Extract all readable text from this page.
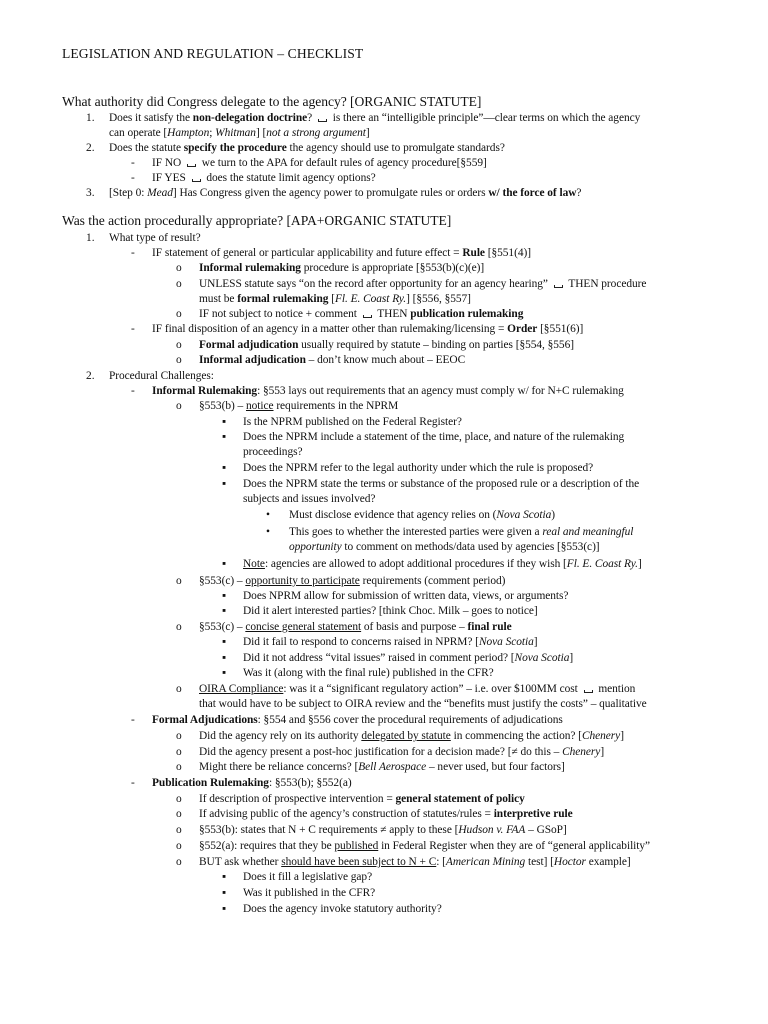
LEGISLATION AND REGULATION – CHECKLIST
What authority did Congress delegate to the agency? [ORGANIC STATUTE]
1. Does it satisfy the non-delegation doctrine?  is there an “intelligible principle”—clear terms on which the agency
can operate [Hampton; Whitman] [not a strong argument]
2. Does the statute specify the procedure the agency should use to promulgate standards?
- IF NO  we turn to the APA for default rules of agency procedure[§559]
- IF YES  does the statute limit agency options?
3. [Step 0: Mead] Has Congress given the agency power to promulgate rules or orders w/ the force of law?
Was the action procedurally appropriate? [APA+ORGANIC STATUTE]
1. What type of result?
- IF statement of general or particular applicability and future effect = Rule [§551(4)]
o Informal rulemaking procedure is appropriate [§553(b)(c)(e)]
o UNLESS statute says “on the record after opportunity for an agency hearing”  THEN procedure
must be formal rulemaking [Fl. E. Coast Ry.] [§556, §557]
o IF not subject to notice + comment  THEN publication rulemaking
- IF final disposition of an agency in a matter other than rulemaking/licensing = Order [§551(6)]
o Formal adjudication usually required by statute – binding on parties [§554, §556]
o Informal adjudication – don’t know much about – EEOC
2. Procedural Challenges:
- Informal Rulemaking: §553 lays out requirements that an agency must comply w/ for N+C rulemaking
o §553(b) – notice requirements in the NPRM
▪ Is the NPRM published on the Federal Register?
▪ Does the NPRM include a statement of the time, place, and nature of the rulemaking
proceedings?
▪ Does the NPRM refer to the legal authority under which the rule is proposed?
▪ Does the NPRM state the terms or substance of the proposed rule or a description of the
subjects and issues involved?
• Must disclose evidence that agency relies on (Nova Scotia)
• This goes to whether the interested parties were given a real and meaningful
opportunity to comment on methods/data used by agencies [§553(c)]
▪ Note: agencies are allowed to adopt additional procedures if they wish [Fl. E. Coast Ry.]
o §553(c) – opportunity to participate requirements (comment period)
▪ Does NPRM allow for submission of written data, views, or arguments?
▪ Did it alert interested parties? [think Choc. Milk – goes to notice]
o §553(c) – concise general statement of basis and purpose – final rule
▪ Did it fail to respond to concerns raised in NPRM? [Nova Scotia]
▪ Did it not address “vital issues” raised in comment period? [Nova Scotia]
▪ Was it (along with the final rule) published in the CFR?
o OIRA Compliance: was it a “significant regulatory action” – i.e. over $100MM cost  mention
that would have to be subject to OIRA review and the “benefits must justify the costs” – qualitative
- Formal Adjudications: §554 and §556 cover the procedural requirements of adjudications
o Did the agency rely on its authority delegated by statute in commencing the action? [Chenery]
o Did the agency present a post-hoc justification for a decision made? [≠ do this – Chenery]
o Might there be reliance concerns? [Bell Aerospace – never used, but four factors]
- Publication Rulemaking: §553(b); §552(a)
o If description of prospective intervention = general statement of policy
o If advising public of the agency’s construction of statutes/rules = interpretive rule
o §553(b): states that N + C requirements ≠ apply to these [Hudson v. FAA – GSoP]
o §552(a): requires that they be published in Federal Register when they are of “general applicability”
o BUT ask whether should have been subject to N + C: [American Mining test] [Hoctor example]
▪ Does it fill a legislative gap?
▪ Was it published in the CFR?
▪ Does the agency invoke statutory authority?
